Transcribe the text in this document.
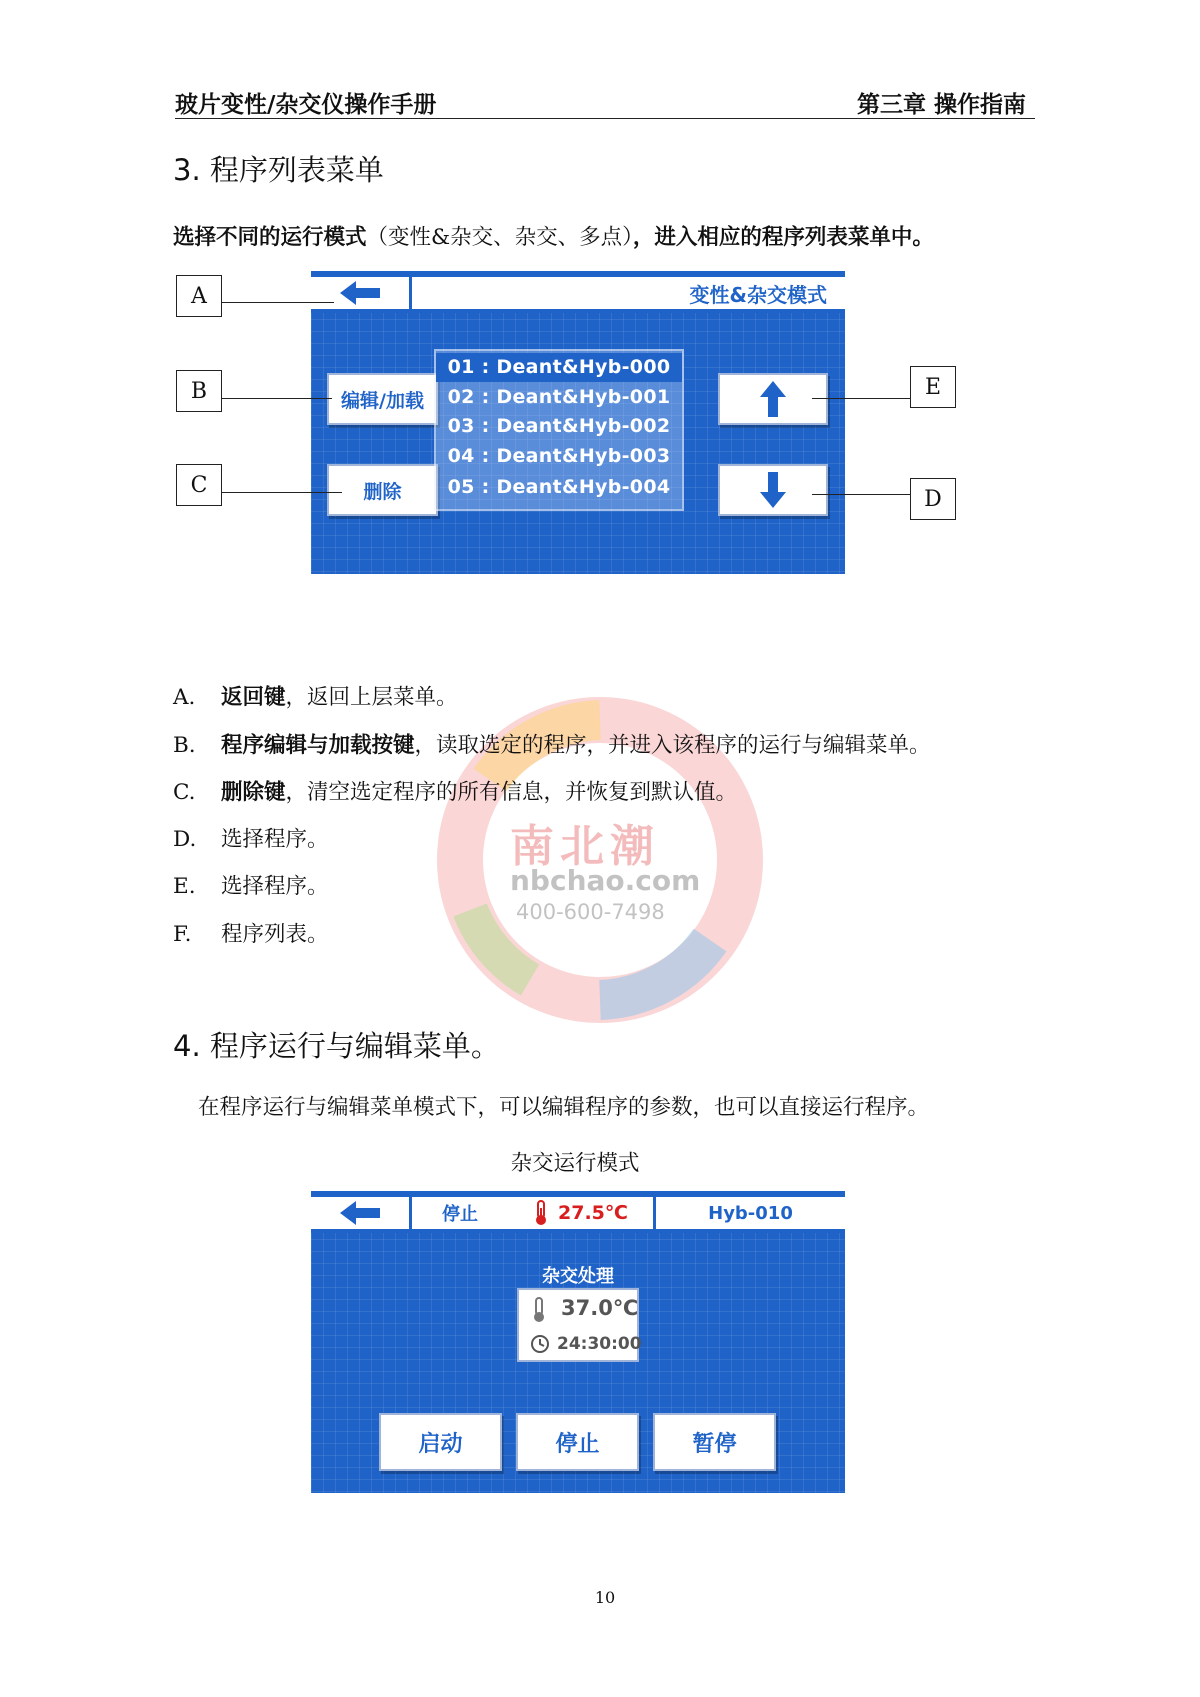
玻片变性/杂交仪操作手册	第三章 操作指南
3. 程序列表菜单
选择不同的运行模式（变性&杂交、杂交、多点），进入相应的程序列表菜单中。
变性&杂交模式
编辑/加载
删除
01 : Deant&Hyb-000
02 : Deant&Hyb-001
03 : Deant&Hyb-002
04 : Deant&Hyb-003
05 : Deant&Hyb-004
A
B
C
E
D
南北潮
nbchao.com
400-600-7498
A. 返回键，返回上层菜单。
B. 程序编辑与加载按键，读取选定的程序，并进入该程序的运行与编辑菜单。
C. 删除键，清空选定程序的所有信息，并恢复到默认值。
D. 选择程序。
E. 选择程序。
F. 程序列表。
4. 程序运行与编辑菜单。
在程序运行与编辑菜单模式下，可以编辑程序的参数，也可以直接运行程序。
杂交运行模式
停止	27.5℃	Hyb-010
杂交处理
37.0℃
24:30:00
启动	停止	暂停
10
